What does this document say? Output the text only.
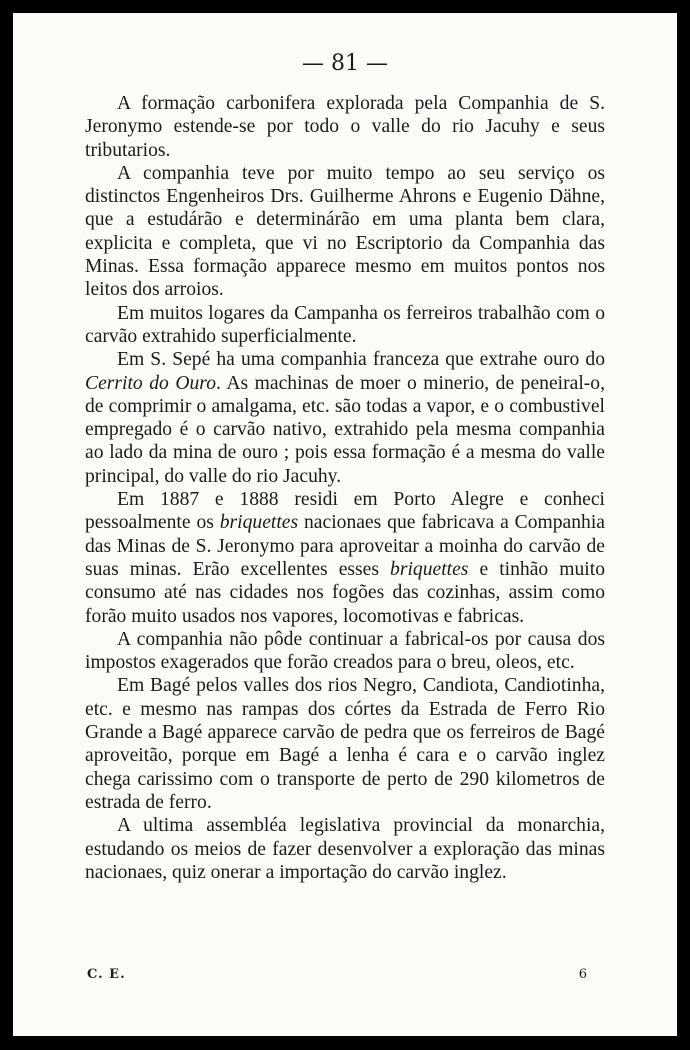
— 81 —

A formação carbonifera explorada pela Companhia de S. Jeronymo estende-se por todo o valle do rio Jacuhy e seus tributarios.

A companhia teve por muito tempo ao seu serviço os distinctos Engenheiros Drs. Guilherme Ahrons e Eugenio Dähne, que a estudárão e determinárão em uma planta bem clara, explicita e completa, que vi no Escriptorio da Companhia das Minas. Essa formação apparece mesmo em muitos pontos nos leitos dos arroios.

Em muitos logares da Campanha os ferreiros trabalhão com o carvão extrahido superficialmente.

Em S. Sepé ha uma companhia franceza que extrahe ouro do Cerrito do Ouro. As machinas de moer o minerio, de peneiral-o, de comprimir o amalgama, etc. são todas a vapor, e o combustivel empregado é o carvão nativo, extrahido pela mesma companhia ao lado da mina de ouro ; pois essa formação é a mesma do valle principal, do valle do rio Jacuhy.

Em 1887 e 1888 residi em Porto Alegre e conheci pessoalmente os briquettes nacionaes que fabricava a Companhia das Minas de S. Jeronymo para aproveitar a moinha do carvão de suas minas. Erão excellentes esses briquettes e tinhão muito consumo até nas cidades nos fogões das cozinhas, assim como forão muito usados nos vapores, locomotivas e fabricas.

A companhia não pôde continuar a fabrical-os por causa dos impostos exagerados que forão creados para o breu, oleos, etc.

Em Bagé pelos valles dos rios Negro, Candiota, Candiotinha, etc. e mesmo nas rampas dos córtes da Estrada de Ferro Rio Grande a Bagé apparece carvão de pedra que os ferreiros de Bagé aproveitão, porque em Bagé a lenha é cara e o carvão inglez chega carissimo com o transporte de perto de 290 kilometros de estrada de ferro.

A ultima assembléa legislativa provincial da monarchia, estudando os meios de fazer desenvolver a exploração das minas nacionaes, quiz onerar a importação do carvão inglez.

C. E.	6
